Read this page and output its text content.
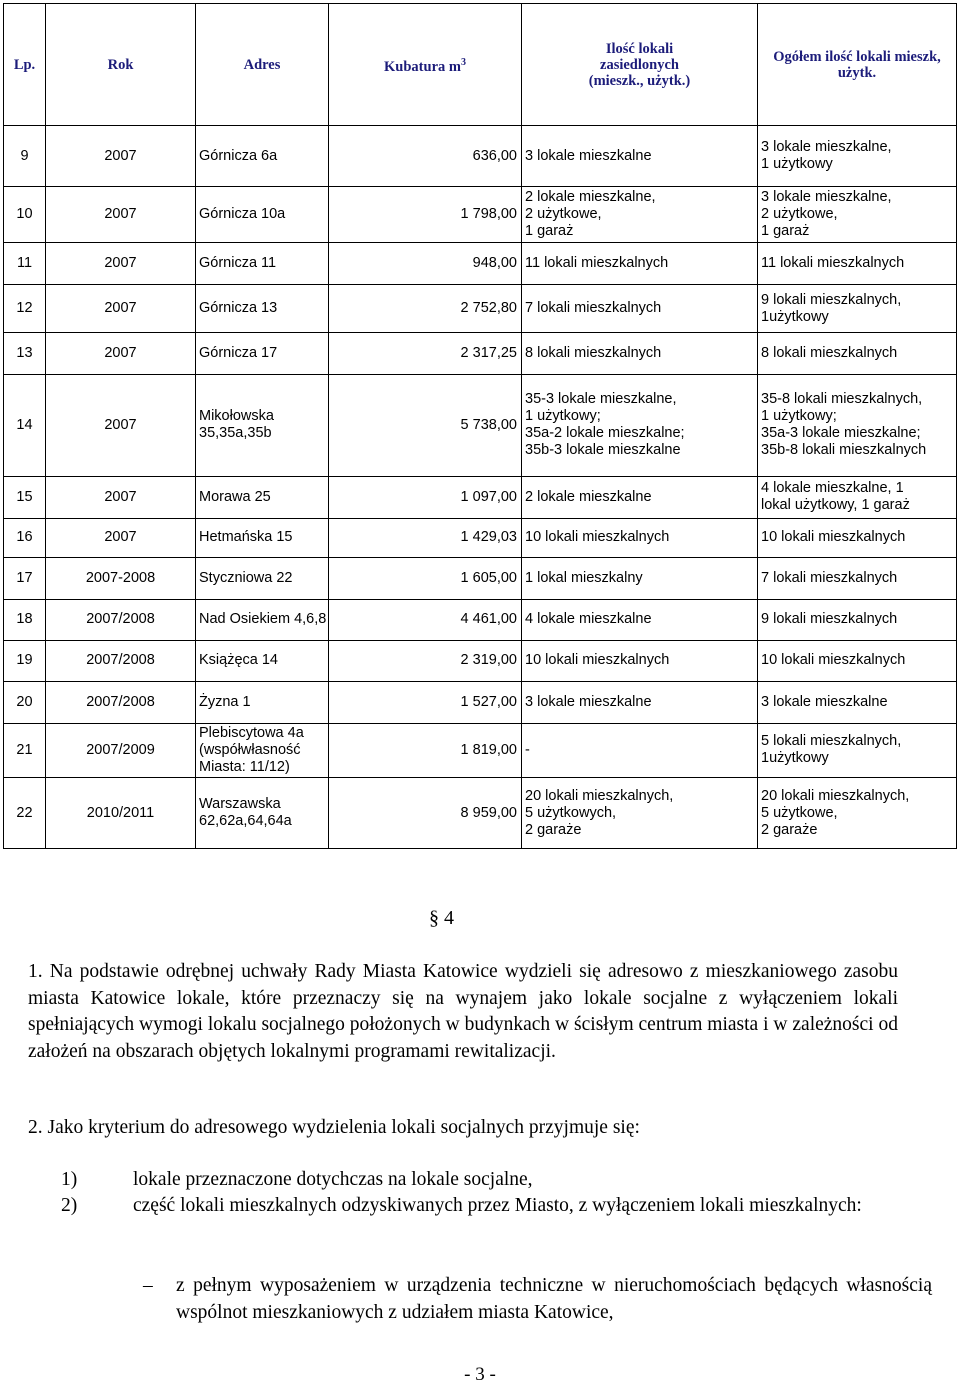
Lp.	Rok	Adres	Kubatura $m^3$	Ilość lokali
zasiedlonych
(mieszk., użytk.)	Ogółem ilość lokali mieszk,
użytk.
9	2007	Górnicza 6a	636,00	3 lokale mieszkalne	3 lokale mieszkalne,
1 użytkowy
10	2007	Górnicza 10a	1 798,00	2 lokale mieszkalne,
2 użytkowe,
1 garaż	3 lokale mieszkalne,
2 użytkowe,
1 garaż
11	2007	Górnicza 11	948,00	11 lokali mieszkalnych	11 lokali mieszkalnych
12	2007	Górnicza 13	2 752,80	7 lokali mieszkalnych	9 lokali mieszkalnych,
1użytkowy
13	2007	Górnicza 17	2 317,25	8 lokali mieszkalnych	8 lokali mieszkalnych
14	2007	Mikołowska
35,35a,35b	5 738,00	35-3 lokale mieszkalne,
1 użytkowy;
35a-2 lokale mieszkalne;
35b-3 lokale mieszkalne	35-8 lokali mieszkalnych,
1 użytkowy;
35a-3 lokale mieszkalne;
35b-8 lokali mieszkalnych
15	2007	Morawa 25	1 097,00	2 lokale mieszkalne	4 lokale mieszkalne, 1
lokal użytkowy, 1 garaż
16	2007	Hetmańska 15	1 429,03	10 lokali mieszkalnych	10 lokali mieszkalnych
17	2007-2008	Styczniowa 22	1 605,00	1 lokal mieszkalny	7 lokali mieszkalnych
18	2007/2008	Nad Osiekiem 4,6,8	4 461,00	4 lokale mieszkalne	9 lokali mieszkalnych
19	2007/2008	Książęca 14	2 319,00	10 lokali mieszkalnych	10 lokali mieszkalnych
20	2007/2008	Żyzna 1	1 527,00	3 lokale mieszkalne	3 lokale mieszkalne
21	2007/2009	Plebiscytowa 4a
(współwłasność
Miasta: 11/12)	1 819,00	-	5 lokali mieszkalnych,
1użytkowy
22	2010/2011	Warszawska
62,62a,64,64a	8 959,00	20 lokali mieszkalnych,
5 użytkowych,
2 garaże	20 lokali mieszkalnych,
5 użytkowe,
2 garaże
§ 4

1. Na podstawie odrębnej uchwały Rady Miasta Katowice wydzieli się adresowo z mieszkaniowego zasobu miasta Katowice lokale, które przeznaczy się na wynajem jako lokale socjalne z wyłączeniem lokali spełniających wymogi lokalu socjalnego położonych w budynkach w ścisłym centrum miasta i w zależności od założeń na obszarach objętych lokalnymi programami rewitalizacji.

2. Jako kryterium do adresowego wydzielenia lokali socjalnych przyjmuje się:

1)	lokale przeznaczone dotychczas na lokale socjalne,

2)	część lokali mieszkalnych odzyskiwanych przez Miasto, z wyłączeniem lokali mieszkalnych:

– z pełnym wyposażeniem w urządzenia techniczne w nieruchomościach będących własnością wspólnot mieszkaniowych z udziałem miasta Katowice,

- 3 -
